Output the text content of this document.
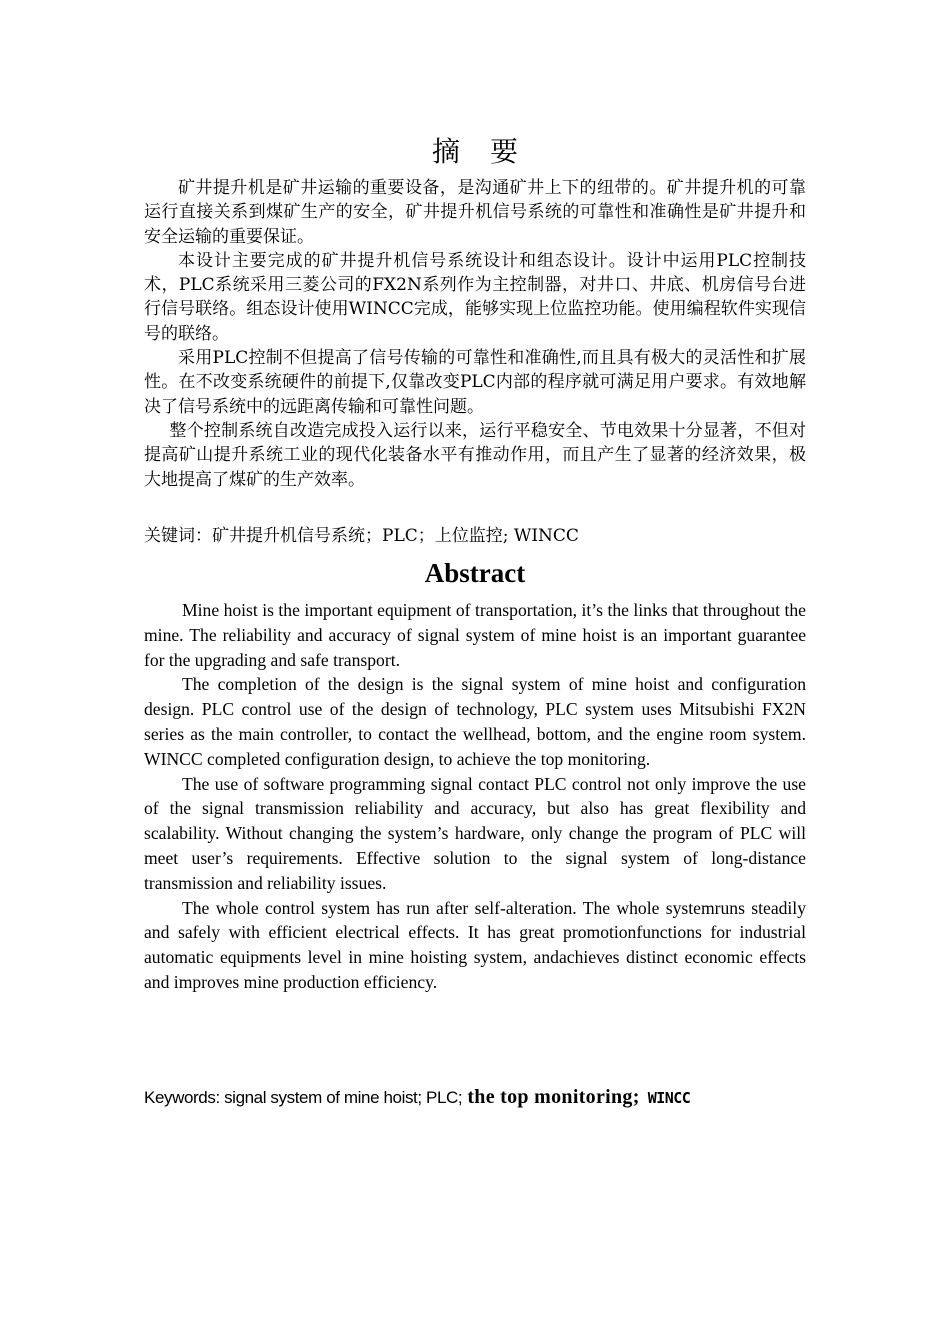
摘要

矿井提升机是矿井运输的重要设备，是沟通矿井上下的纽带的。矿井提升机的可靠运行直接关系到煤矿生产的安全，矿井提升机信号系统的可靠性和准确性是矿井提升和安全运输的重要保证。

本设计主要完成的矿井提升机信号系统设计和组态设计。设计中运用PLC控制技术，PLC系统采用三菱公司的FX2N系列作为主控制器，对井口、井底、机房信号台进行信号联络。组态设计使用WINCC完成，能够实现上位监控功能。使用编程软件实现信号的联络。

采用PLC控制不但提高了信号传输的可靠性和准确性,而且具有极大的灵活性和扩展性。在不改变系统硬件的前提下,仅靠改变PLC内部的程序就可满足用户要求。有效地解决了信号系统中的远距离传输和可靠性问题。

整个控制系统自改造完成投入运行以来，运行平稳安全、节电效果十分显著，不但对提高矿山提升系统工业的现代化装备水平有推动作用，而且产生了显著的经济效果，极大地提高了煤矿的生产效率。

关键词：矿井提升机信号系统；PLC；上位监控; WINCC

Abstract

Mine hoist is the important equipment of transportation, it’s the links that throughout the mine. The reliability and accuracy of signal system of mine hoist is an important guarantee for the upgrading and safe transport.

The completion of the design is the signal system of mine hoist and configuration design. PLC control use of the design of technology, PLC system uses Mitsubishi FX2N series as the main controller, to contact the wellhead, bottom, and the engine room system. WINCC completed configuration design, to achieve the top monitoring.

The use of software programming signal contact PLC control not only improve the use of the signal transmission reliability and accuracy, but also has great flexibility and scalability. Without changing the system’s hardware, only change the program of PLC will meet user’s requirements. Effective solution to the signal system of long-distance transmission and reliability issues.

The whole control system has run after self-alteration. The whole systemruns steadily and safely with efficient electrical effects. It has great promotionfunctions for industrial automatic equipments level in mine hoisting system, andachieves distinct economic effects and improves mine production efficiency.

Keywords: signal system of mine hoist; PLC; the top monitoring; WINCC
